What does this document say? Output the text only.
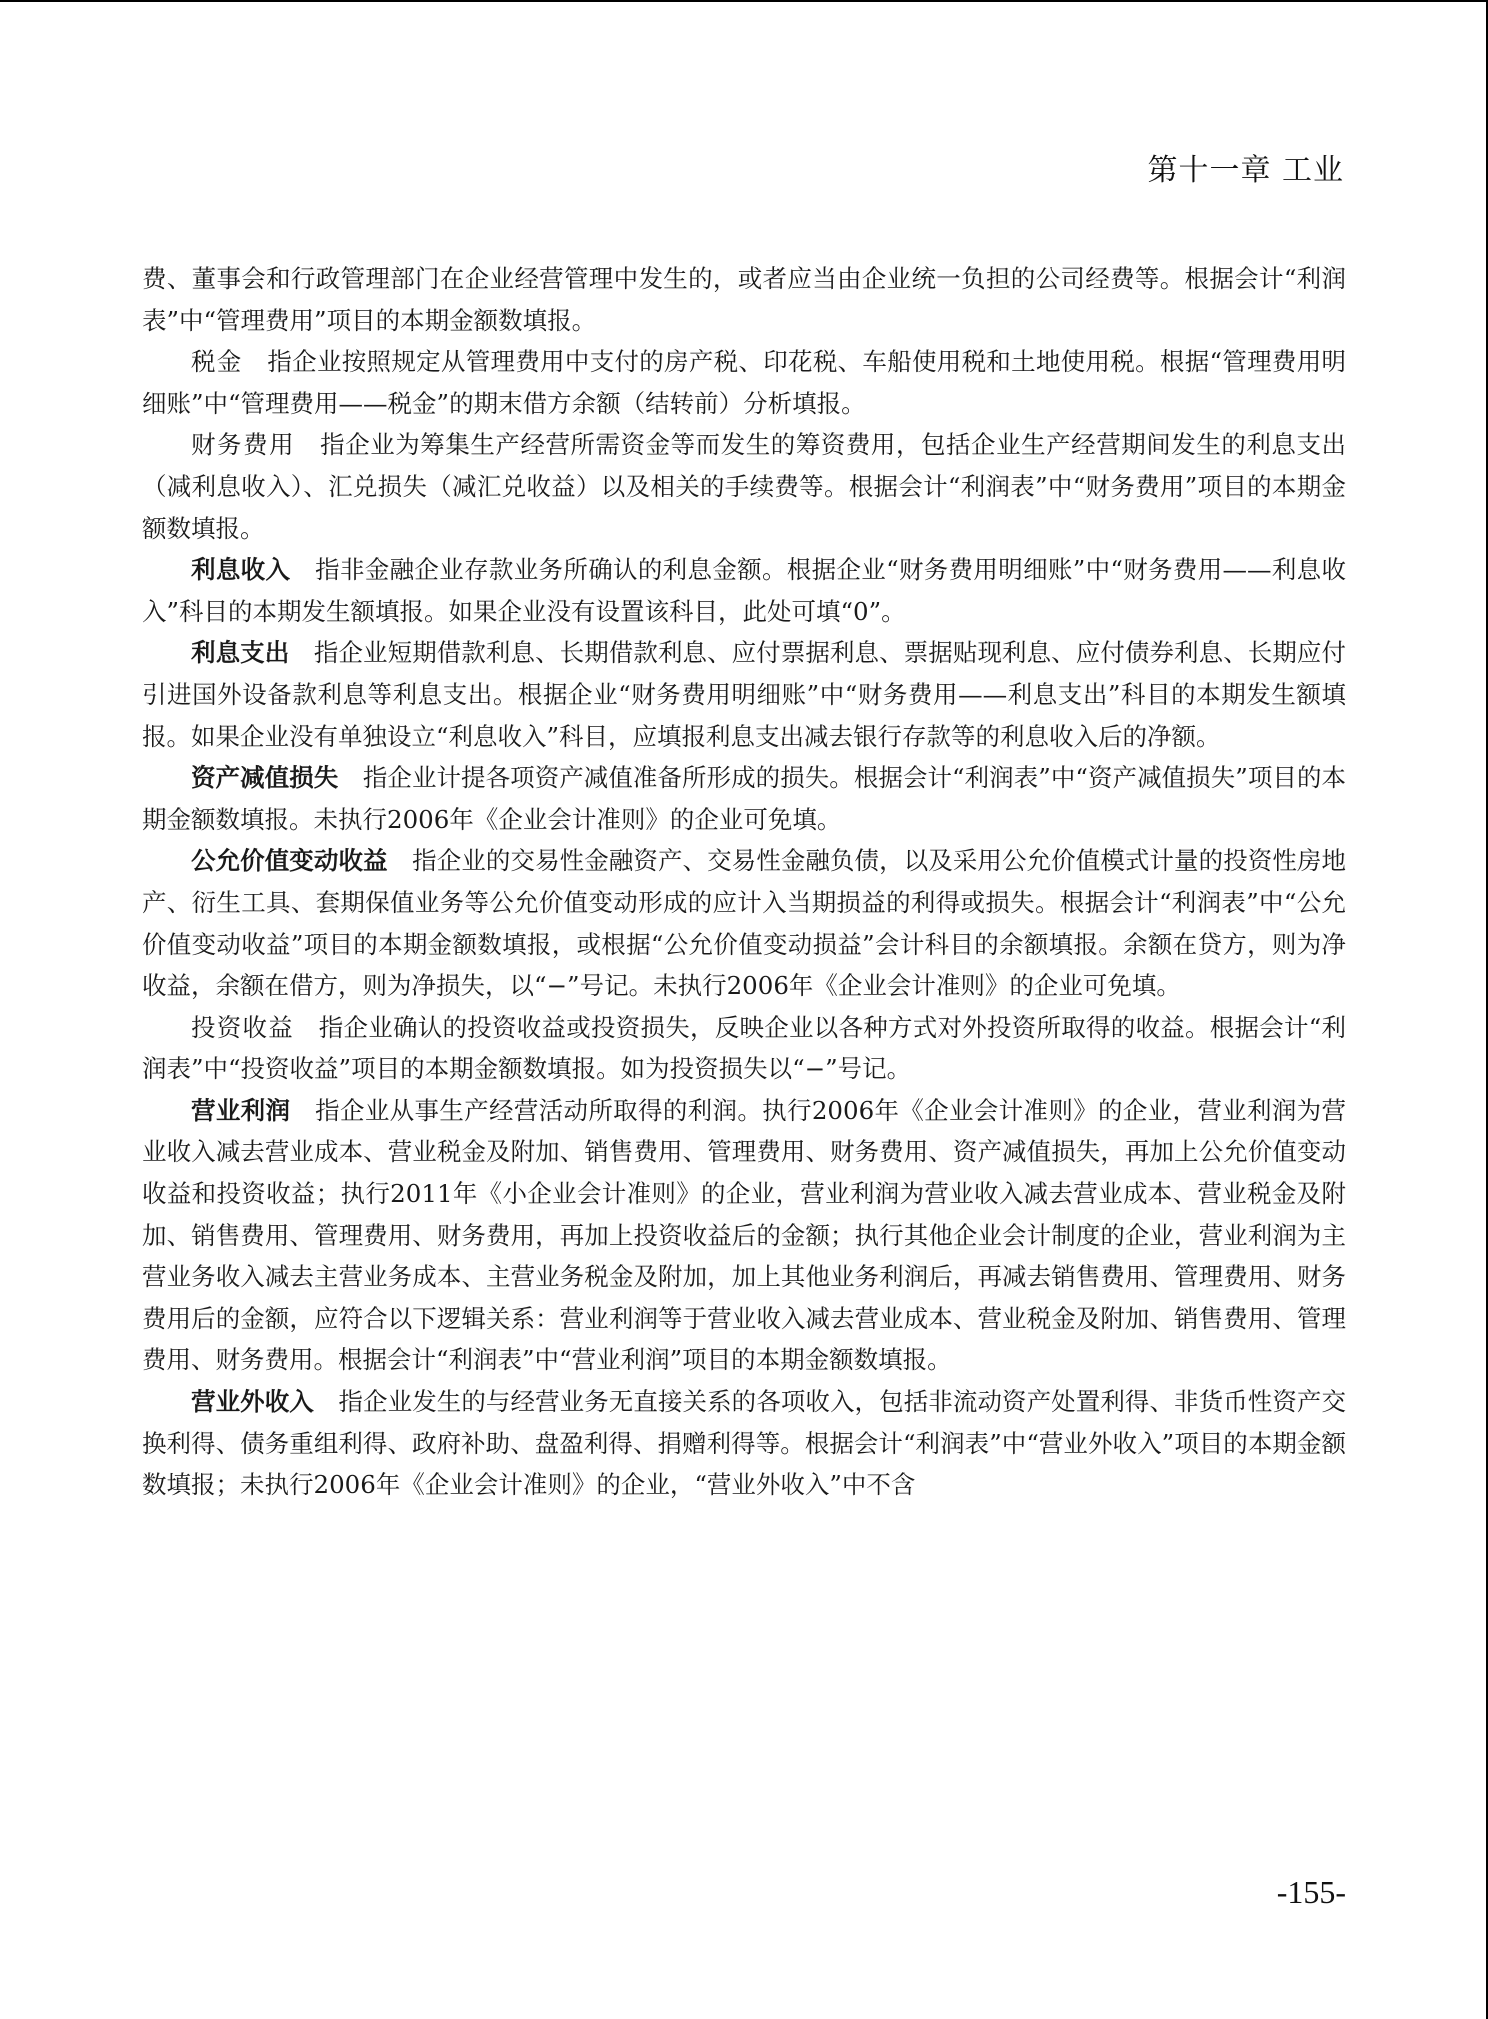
第十一章 工业

费、董事会和行政管理部门在企业经营管理中发生的，或者应当由企业统一负担的公司经费等。根据会计“利润表”中“管理费用”项目的本期金额数填报。

税金 指企业按照规定从管理费用中支付的房产税、印花税、车船使用税和土地使用税。根据“管理费用明细账”中“管理费用——税金”的期末借方余额（结转前）分析填报。

财务费用 指企业为筹集生产经营所需资金等而发生的筹资费用，包括企业生产经营期间发生的利息支出（减利息收入）、汇兑损失（减汇兑收益）以及相关的手续费等。根据会计“利润表”中“财务费用”项目的本期金额数填报。

利息收入 指非金融企业存款业务所确认的利息金额。根据企业“财务费用明细账”中“财务费用——利息收入”科目的本期发生额填报。如果企业没有设置该科目，此处可填“0”。

利息支出 指企业短期借款利息、长期借款利息、应付票据利息、票据贴现利息、应付债券利息、长期应付引进国外设备款利息等利息支出。根据企业“财务费用明细账”中“财务费用——利息支出”科目的本期发生额填报。如果企业没有单独设立“利息收入”科目，应填报利息支出减去银行存款等的利息收入后的净额。

资产减值损失 指企业计提各项资产减值准备所形成的损失。根据会计“利润表”中“资产减值损失”项目的本期金额数填报。未执行2006年《企业会计准则》的企业可免填。

公允价值变动收益 指企业的交易性金融资产、交易性金融负债，以及采用公允价值模式计量的投资性房地产、衍生工具、套期保值业务等公允价值变动形成的应计入当期损益的利得或损失。根据会计“利润表”中“公允价值变动收益”项目的本期金额数填报，或根据“公允价值变动损益”会计科目的余额填报。余额在贷方，则为净收益，余额在借方，则为净损失，以“−”号记。未执行2006年《企业会计准则》的企业可免填。

投资收益 指企业确认的投资收益或投资损失，反映企业以各种方式对外投资所取得的收益。根据会计“利润表”中“投资收益”项目的本期金额数填报。如为投资损失以“−”号记。

营业利润 指企业从事生产经营活动所取得的利润。执行2006年《企业会计准则》的企业，营业利润为营业收入减去营业成本、营业税金及附加、销售费用、管理费用、财务费用、资产减值损失，再加上公允价值变动收益和投资收益；执行2011年《小企业会计准则》的企业，营业利润为营业收入减去营业成本、营业税金及附加、销售费用、管理费用、财务费用，再加上投资收益后的金额；执行其他企业会计制度的企业，营业利润为主营业务收入减去主营业务成本、主营业务税金及附加，加上其他业务利润后，再减去销售费用、管理费用、财务费用后的金额，应符合以下逻辑关系：营业利润等于营业收入减去营业成本、营业税金及附加、销售费用、管理费用、财务费用。根据会计“利润表”中“营业利润”项目的本期金额数填报。

营业外收入 指企业发生的与经营业务无直接关系的各项收入，包括非流动资产处置利得、非货币性资产交换利得、债务重组利得、政府补助、盘盈利得、捐赠利得等。根据会计“利润表”中“营业外收入”项目的本期金额数填报；未执行2006年《企业会计准则》的企业，“营业外收入”中不含

-155-
